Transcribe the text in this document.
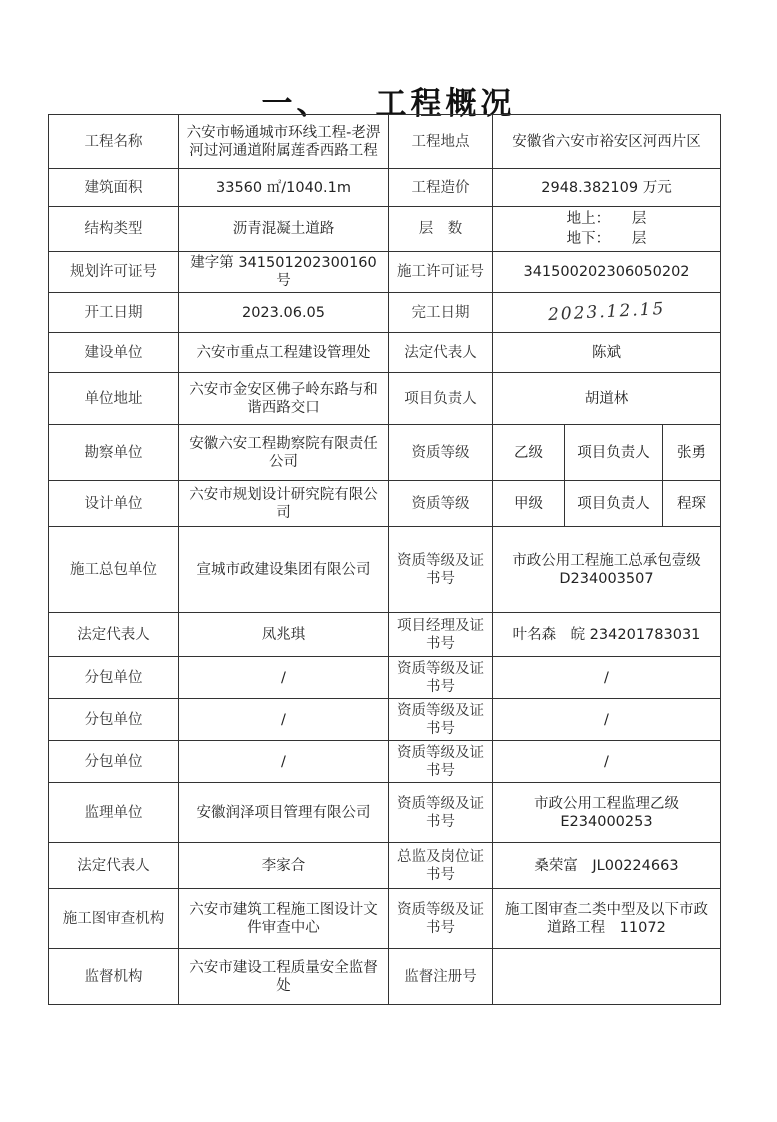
一、 工程概况
工程名称	六安市畅通城市环线工程-老淠河过河通道附属莲香西路工程	工程地点	安徽省六安市裕安区河西片区		
建筑面积	33560 ㎡/1040.1m	工程造价	2948.382109 万元		
结构类型	沥青混凝土道路	层　数	地上：　　层
地下：　　层		

规划许可证号	建字第 341501202300160 号	施工许可证号	341500202306050202		
开工日期	2023.06.05	完工日期	2023.12.15		
建设单位	六安市重点工程建设管理处	法定代表人	陈斌		
单位地址	六安市金安区佛子岭东路与和谐西路交口	项目负责人	胡道林		
勘察单位	安徽六安工程勘察院有限责任公司	资质等级	乙级	项目负责人	张勇
设计单位	六安市规划设计研究院有限公司	资质等级	甲级	项目负责人	程琛
施工总包单位	宣城市政建设集团有限公司	资质等级及证书号	市政公用工程施工总承包壹级
D234003507		

法定代表人	凤兆琪	项目经理及证书号	叶名森　皖 234201783031		
分包单位	/	资质等级及证书号	/		
分包单位	/	资质等级及证书号	/		
分包单位	/	资质等级及证书号	/		
监理单位	安徽润泽项目管理有限公司	资质等级及证书号	市政公用工程监理乙级
E234000253		

法定代表人	李家合	总监及岗位证书号	桑荣富　JL00224663		
施工图审查机构	六安市建筑工程施工图设计文件审查中心	资质等级及证书号	施工图审查二类中型及以下市政道路工程　11072		
监督机构	六安市建设工程质量安全监督处	监督注册号			
